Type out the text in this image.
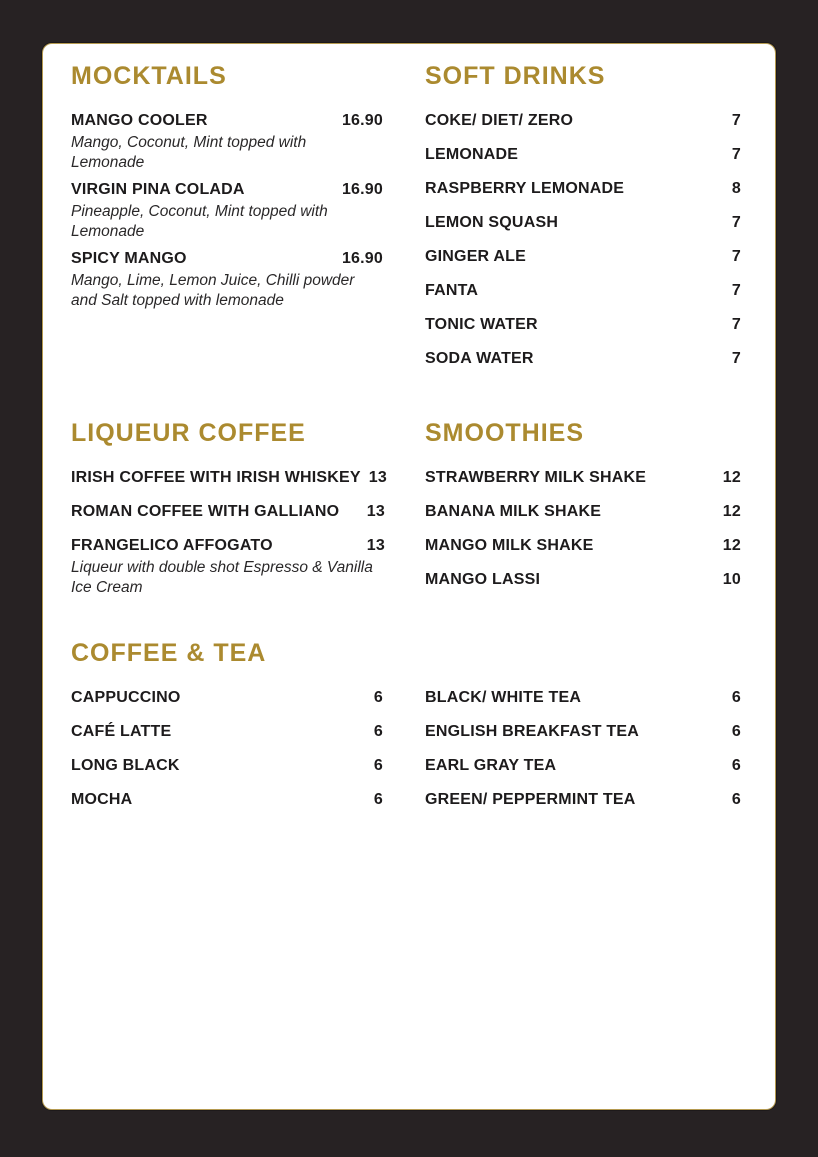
MOCKTAILS
MANGO COOLER	16.90
Mango, Coconut, Mint topped with Lemonade
VIRGIN PINA COLADA	16.90
Pineapple, Coconut, Mint topped with Lemonade
SPICY MANGO	16.90
Mango, Lime, Lemon Juice, Chilli powder and Salt topped with lemonade
SOFT DRINKS
COKE/ DIET/ ZERO	7
LEMONADE	7
RASPBERRY LEMONADE	8
LEMON SQUASH	7
GINGER ALE	7
FANTA	7
TONIC WATER	7
SODA WATER	7
LIQUEUR COFFEE
IRISH COFFEE WITH IRISH WHISKEY 13
ROMAN COFFEE WITH GALLIANO	13
FRANGELICO AFFOGATO	13
Liqueur with double shot Espresso & Vanilla Ice Cream
SMOOTHIES
STRAWBERRY MILK SHAKE	12
BANANA MILK SHAKE	12
MANGO MILK SHAKE	12
MANGO LASSI	10
COFFEE & TEA
CAPPUCCINO	6
CAFÉ LATTE	6
LONG BLACK	6
MOCHA	6
BLACK/ WHITE TEA	6
ENGLISH BREAKFAST TEA	6
EARL GRAY TEA	6
GREEN/ PEPPERMINT TEA	6
